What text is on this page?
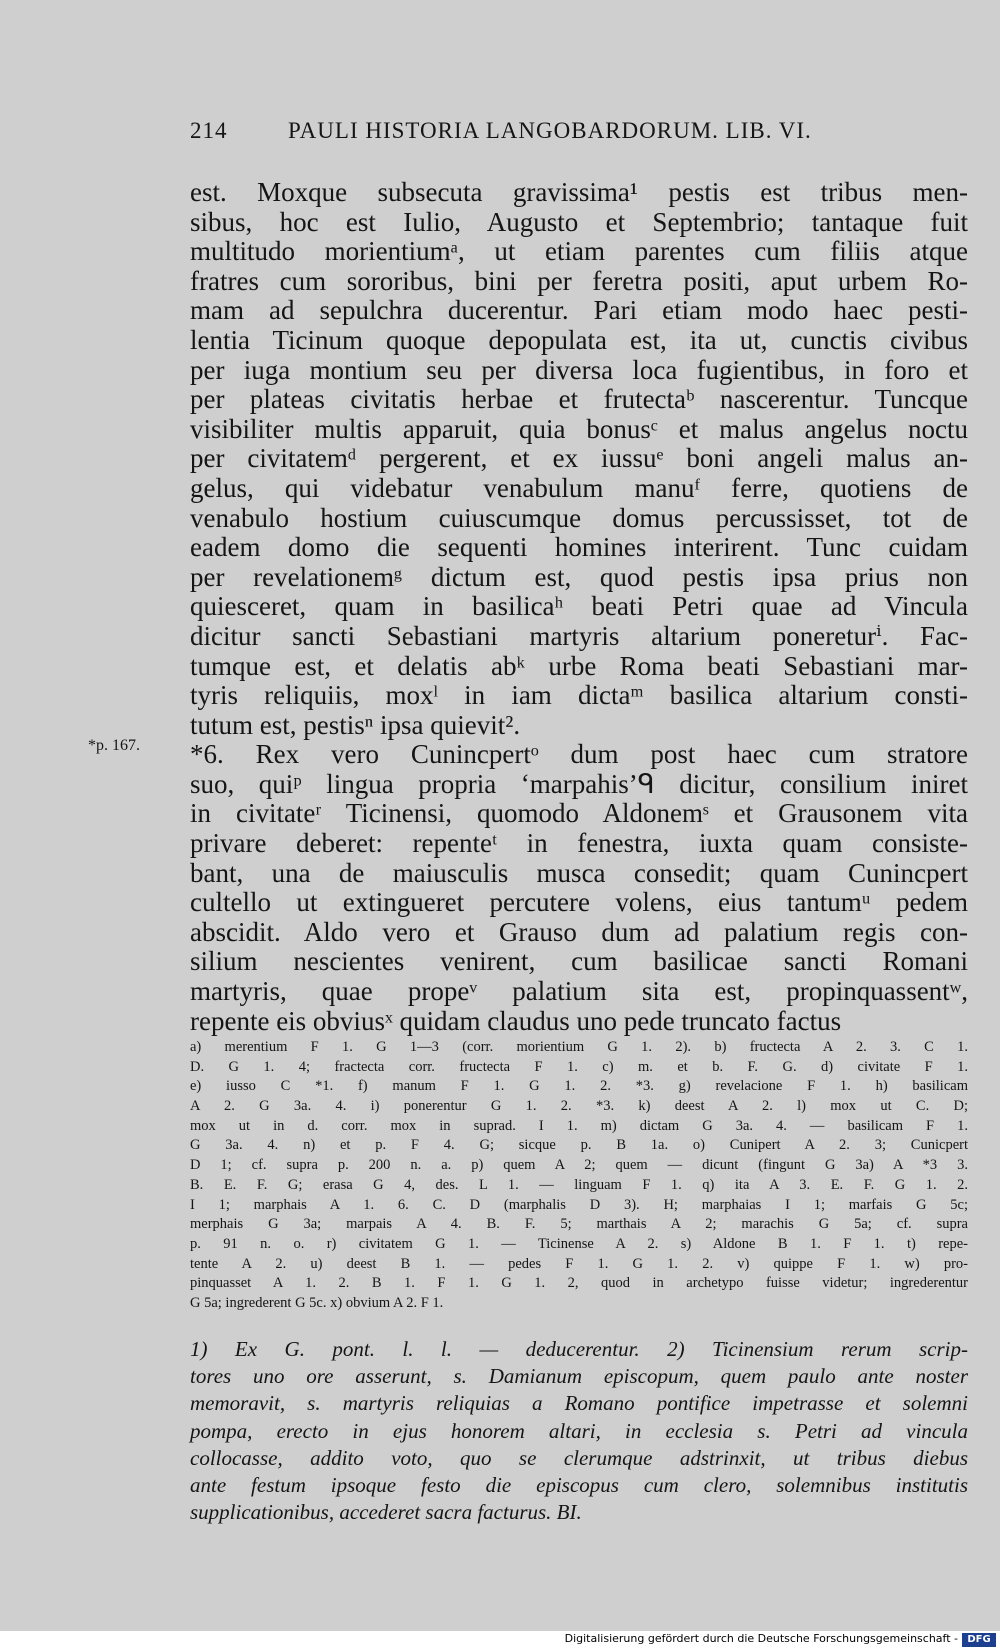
214	PAULI HISTORIA LANGOBARDORUM. LIB. VI.
*p. 167.
est. Moxque subsecuta gravissima¹ pestis est tribus men-
sibus, hoc est Iulio, Augusto et Septembrio; tantaque fuit
multitudo morientiumᵃ, ut etiam parentes cum filiis atque
fratres cum sororibus, bini per feretra positi, aput urbem Ro-
mam ad sepulchra ducerentur. Pari etiam modo haec pesti-
lentia Ticinum quoque depopulata est, ita ut, cunctis civibus
per iuga montium seu per diversa loca fugientibus, in foro et
per plateas civitatis herbae et frutectaᵇ nascerentur. Tuncque
visibiliter multis apparuit, quia bonusᶜ et malus angelus noctu
per civitatemᵈ pergerent, et ex iussuᵉ boni angeli malus an-
gelus, qui videbatur venabulum manuᶠ ferre, quotiens de
venabulo hostium cuiuscumque domus percussisset, tot de
eadem domo die sequenti homines interirent. Tunc cuidam
per revelationemᵍ dictum est, quod pestis ipsa prius non
quiesceret, quam in basilicaʰ beati Petri quae ad Vincula
dicitur sancti Sebastiani martyris altarium ponereturⁱ. Fac-
tumque est, et delatis abᵏ urbe Roma beati Sebastiani mar-
tyris reliquiis, moxˡ in iam dictaᵐ basilica altarium consti-
tutum est, pestisⁿ ipsa quievit².
*6. Rex vero Cunincpertᵒ dum post haec cum stratore
suo, quiᵖ lingua propria ‘marpahis’ᑫ dicitur, consilium iniret
in civitateʳ Ticinensi, quomodo Aldonemˢ et Grausonem vita
privare deberet: repenteᵗ in fenestra, iuxta quam consiste-
bant, una de maiusculis musca consedit; quam Cunincpert
cultello ut extingueret percutere volens, eius tantumᵘ pedem
abscidit. Aldo vero et Grauso dum ad palatium regis con-
silium nescientes venirent, cum basilicae sancti Romani
martyris, quae propeᵛ palatium sita est, propinquassentʷ,
repente eis obviusˣ quidam claudus uno pede truncato factus
a) merentium F 1. G 1—3 (corr. morientium G 1. 2). b) fructecta A 2. 3. C 1.
D. G 1. 4; fractecta corr. fructecta F 1. c) m. et b. F. G. d) civitate F 1.
e) iusso C *1. f) manum F 1. G 1. 2. *3. g) revelacione F 1. h) basilicam
A 2. G 3a. 4. i) ponerentur G 1. 2. *3. k) deest A 2. l) mox ut C. D;
mox ut in d. corr. mox in suprad. I 1. m) dictam G 3a. 4. — basilicam F 1.
G 3a. 4. n) et p. F 4. G; sicque p. B 1a. o) Cunipert A 2. 3; Cunicpert
D 1; cf. supra p. 200 n. a. p) quem A 2; quem — dicunt (fingunt G 3a) A *3 3.
B. E. F. G; erasa G 4, des. L 1. — linguam F 1. q) ita A 3. E. F. G 1. 2.
I 1; marphais A 1. 6. C. D (marphalis D 3). H; marphaias I 1; marfais G 5c;
merphais G 3a; marpais A 4. B. F. 5; marthais A 2; marachis G 5a; cf. supra
p. 91 n. o. r) civitatem G 1. — Ticinense A 2. s) Aldone B 1. F 1. t) repe-
tente A 2. u) deest B 1. — pedes F 1. G 1. 2. v) quippe F 1. w) pro-
pinquasset A 1. 2. B 1. F 1. G 1. 2, quod in archetypo fuisse videtur; ingrederentur
G 5a; ingrederent G 5c. x) obvium A 2. F 1.
1) Ex G. pont. l. l. — deducerentur. 2) Ticinensium rerum scrip-
tores uno ore asserunt, s. Damianum episcopum, quem paulo ante noster
memoravit, s. martyris reliquias a Romano pontifice impetrasse et solemni
pompa, erecto in ejus honorem altari, in ecclesia s. Petri ad vincula
collocasse, addito voto, quo se clerumque adstrinxit, ut tribus diebus
ante festum ipsoque festo die episcopus cum clero, solemnibus institutis
supplicationibus, accederet sacra facturus. BI.
Digitalisierung gefördert durch die Deutsche Forschungsgemeinschaft - DFG
